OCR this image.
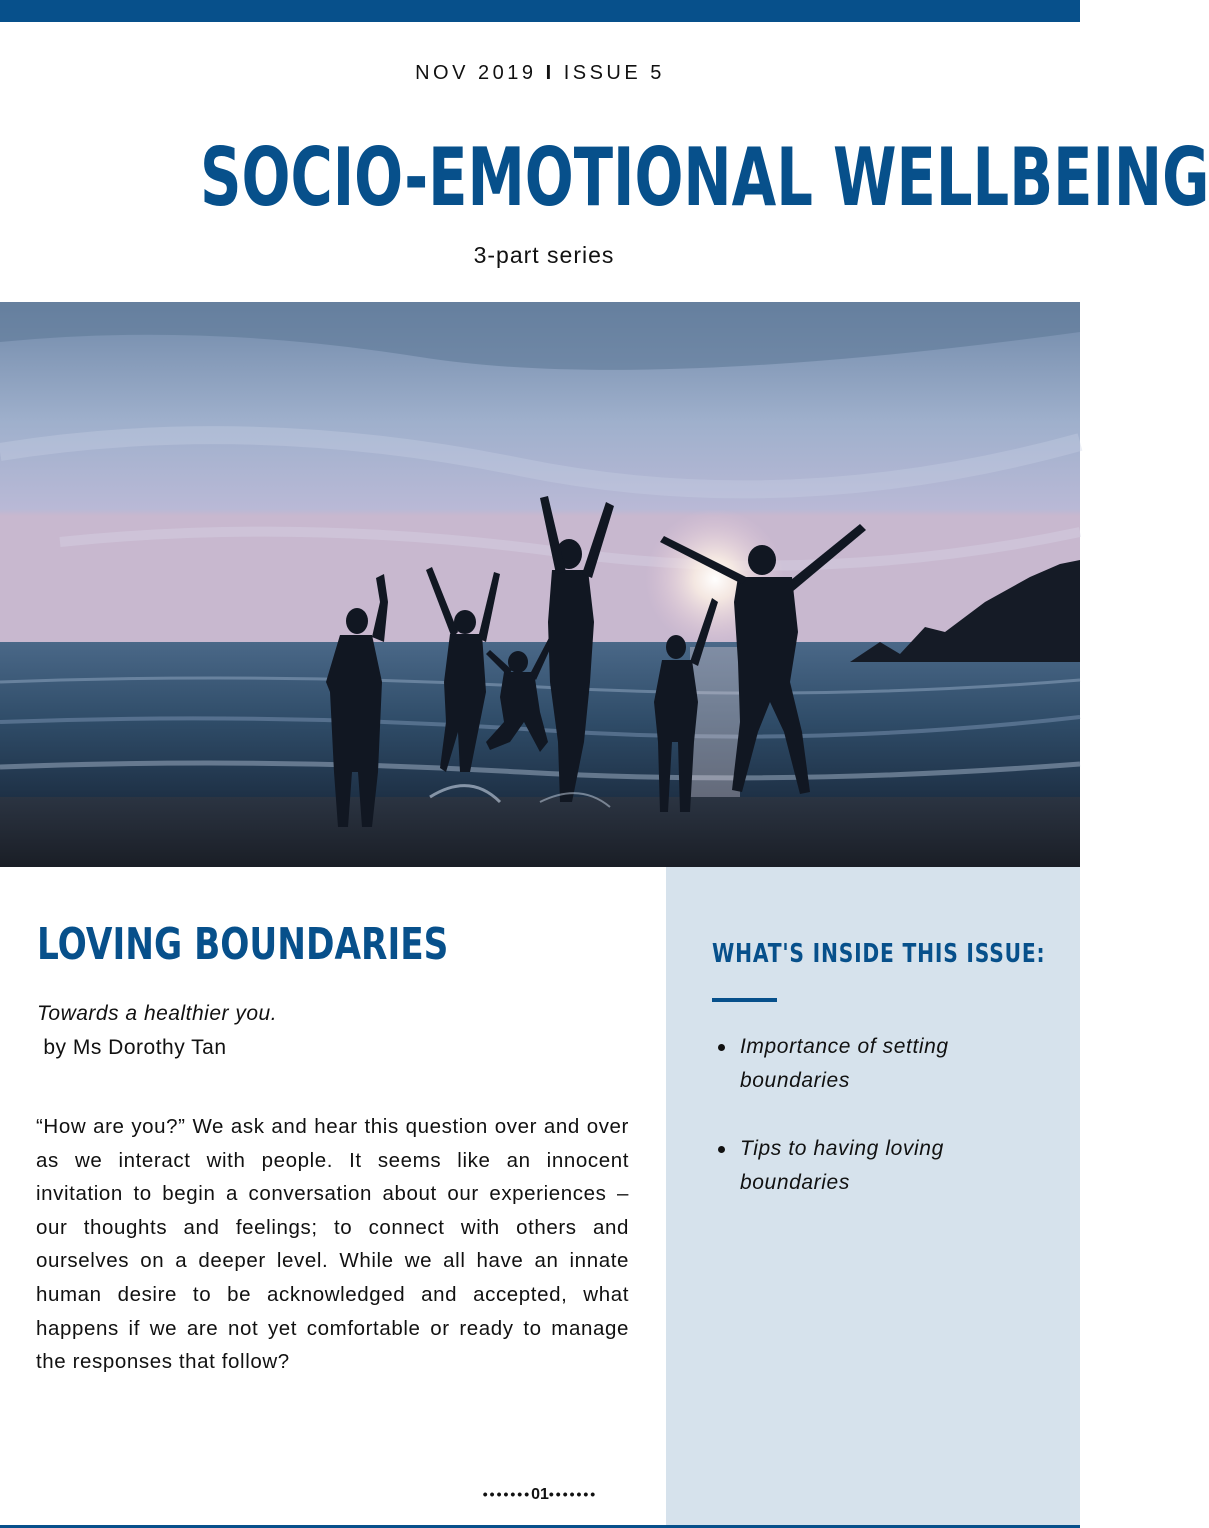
NOV 2019 I ISSUE 5
SOCIO-EMOTIONAL WELLBEING
3-part series
LOVING BOUNDARIES
Towards a healthier you.
by Ms Dorothy Tan

“How are you?” We ask and hear this question over and over as we interact with people. It seems like an innocent invitation to begin a conversation about our experiences – our thoughts and feelings; to connect with others and ourselves on a deeper level. While we all have an innate human desire to be acknowledged and accepted, what happens if we are not yet comfortable or ready to manage the responses that follow?

WHAT'S INSIDE THIS ISSUE:
Importance of setting boundaries
Tips to having loving boundaries
•••••••01•••••••
